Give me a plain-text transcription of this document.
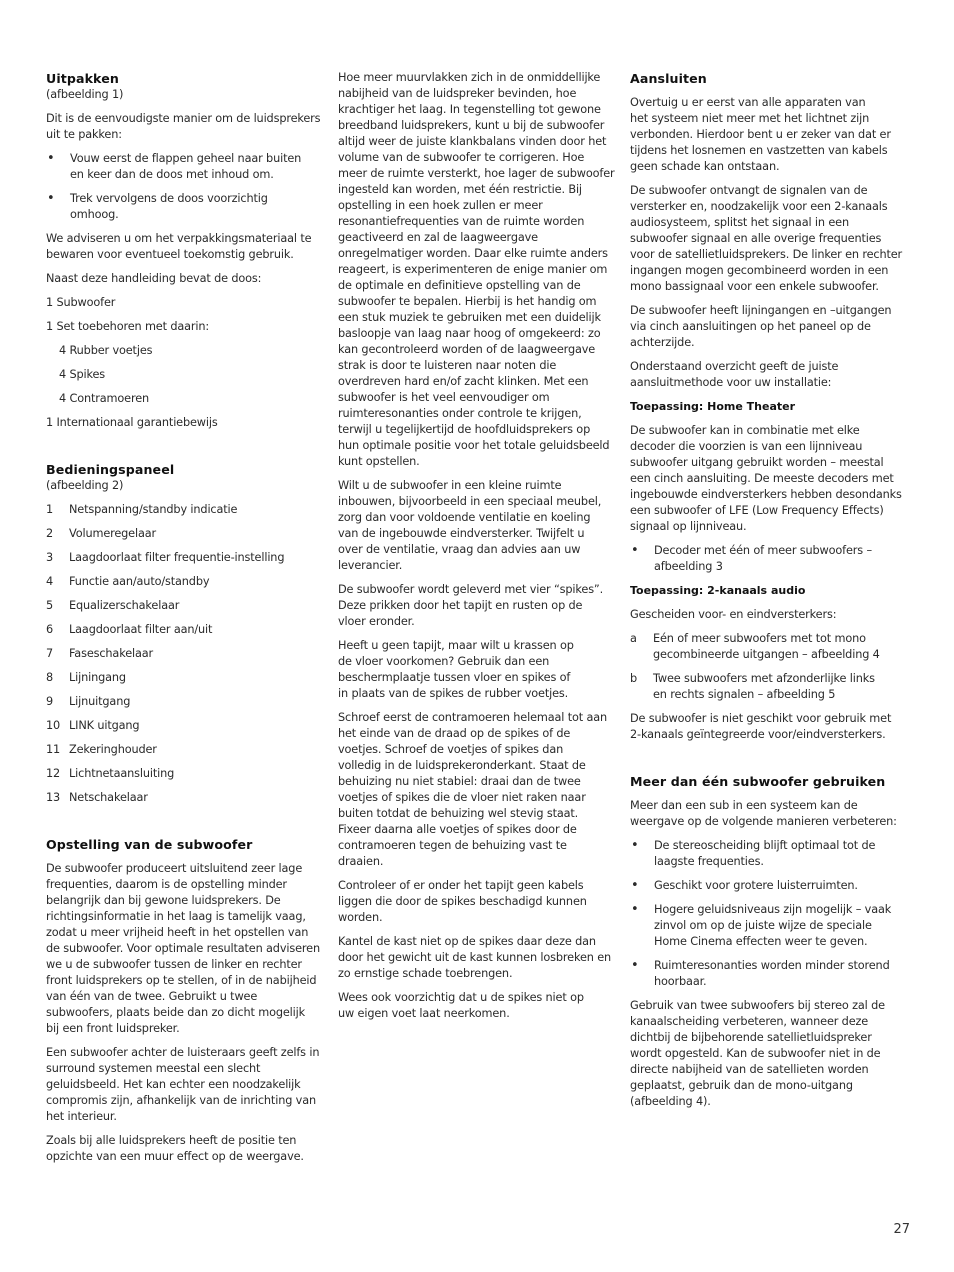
Uitpakken
(afbeelding 1)
Dit is de eenvoudigste manier om de luidsprekers
uit te pakken:
•	Vouw eerst de flappen geheel naar buiten
en keer dan de doos met inhoud om.
•	Trek vervolgens de doos voorzichtig
omhoog.
We adviseren u om het verpakkingsmateriaal te
bewaren voor eventueel toekomstig gebruik.
Naast deze handleiding bevat de doos:
1 Subwoofer
1 Set toebehoren met daarin:
4 Rubber voetjes
4 Spikes
4 Contramoeren
1 Internationaal garantiebewijs
Bedieningspaneel
(afbeelding 2)
1	Netspanning/standby indicatie
2	Volumeregelaar
3	Laagdoorlaat filter frequentie-instelling
4	Functie aan/auto/standby
5	Equalizerschakelaar
6	Laagdoorlaat filter aan/uit
7	Faseschakelaar
8	Lijningang
9	Lijnuitgang
10 LINK uitgang
11 Zekeringhouder
12 Lichtnetaansluiting
13 Netschakelaar
Opstelling van de subwoofer
De subwoofer produceert uitsluitend zeer lage
frequenties, daarom is de opstelling minder
belangrijk dan bij gewone luidsprekers. De
richtingsinformatie in het laag is tamelijk vaag,
zodat u meer vrijheid heeft in het opstellen van
de subwoofer. Voor optimale resultaten adviseren
we u de subwoofer tussen de linker en rechter
front luidsprekers op te stellen, of in de nabijheid
van één van de twee. Gebruikt u twee
subwoofers, plaats beide dan zo dicht mogelijk
bij een front luidspreker.
Een subwoofer achter de luisteraars geeft zelfs in
surround systemen meestal een slecht
geluidsbeeld. Het kan echter een noodzakelijk
compromis zijn, afhankelijk van de inrichting van
het interieur.
Zoals bij alle luidsprekers heeft de positie ten
opzichte van een muur effect op de weergave.
Hoe meer muurvlakken zich in de onmiddellijke
nabijheid van de luidspreker bevinden, hoe
krachtiger het laag. In tegenstelling tot gewone
breedband luidsprekers, kunt u bij de subwoofer
altijd weer de juiste klankbalans vinden door het
volume van de subwoofer te corrigeren. Hoe
meer de ruimte versterkt, hoe lager de subwoofer
ingesteld kan worden, met één restrictie. Bij
opstelling in een hoek zullen er meer
resonantiefrequenties van de ruimte worden
geactiveerd en zal de laagweergave
onregelmatiger worden. Daar elke ruimte anders
reageert, is experimenteren de enige manier om
de optimale en definitieve opstelling van de
subwoofer te bepalen. Hierbij is het handig om
een stuk muziek te gebruiken met een duidelijk
basloopje van laag naar hoog of omgekeerd: zo
kan gecontroleerd worden of de laagweergave
strak is door te luisteren naar noten die
overdreven hard en/of zacht klinken. Met een
subwoofer is het veel eenvoudiger om
ruimteresonanties onder controle te krijgen,
terwijl u tegelijkertijd de hoofdluidsprekers op
hun optimale positie voor het totale geluidsbeeld
kunt opstellen.
Wilt u de subwoofer in een kleine ruimte
inbouwen, bijvoorbeeld in een speciaal meubel,
zorg dan voor voldoende ventilatie en koeling
van de ingebouwde eindversterker. Twijfelt u
over de ventilatie, vraag dan advies aan uw
leverancier.
De subwoofer wordt geleverd met vier “spikes”.
Deze prikken door het tapijt en rusten op de
vloer eronder.
Heeft u geen tapijt, maar wilt u krassen op
de vloer voorkomen? Gebruik dan een
beschermplaatje tussen vloer en spikes of
in plaats van de spikes de rubber voetjes.
Schroef eerst de contramoeren helemaal tot aan
het einde van de draad op de spikes of de
voetjes. Schroef de voetjes of spikes dan
volledig in de luidsprekeronderkant. Staat de
behuizing nu niet stabiel: draai dan de twee
voetjes of spikes die de vloer niet raken naar
buiten totdat de behuizing wel stevig staat.
Fixeer daarna alle voetjes of spikes door de
contramoeren tegen de behuizing vast te
draaien.
Controleer of er onder het tapijt geen kabels
liggen die door de spikes beschadigd kunnen
worden.
Kantel de kast niet op de spikes daar deze dan
door het gewicht uit de kast kunnen losbreken en
zo ernstige schade toebrengen.
Wees ook voorzichtig dat u de spikes niet op
uw eigen voet laat neerkomen.
Aansluiten
Overtuig u er eerst van alle apparaten van
het systeem niet meer met het lichtnet zijn
verbonden. Hierdoor bent u er zeker van dat er
tijdens het losnemen en vastzetten van kabels
geen schade kan ontstaan.
De subwoofer ontvangt de signalen van de
versterker en, noodzakelijk voor een 2-kanaals
audiosysteem, splitst het signaal in een
subwoofer signaal en alle overige frequenties
voor de satellietluidsprekers. De linker en rechter
ingangen mogen gecombineerd worden in een
mono bassignaal voor een enkele subwoofer.
De subwoofer heeft lijningangen en –uitgangen
via cinch aansluitingen op het paneel op de
achterzijde.
Onderstaand overzicht geeft de juiste
aansluitmethode voor uw installatie:
Toepassing: Home Theater
De subwoofer kan in combinatie met elke
decoder die voorzien is van een lijnniveau
subwoofer uitgang gebruikt worden – meestal
een cinch aansluiting. De meeste decoders met
ingebouwde eindversterkers hebben desondanks
een subwoofer of LFE (Low Frequency Effects)
signaal op lijnniveau.
•	Decoder met één of meer subwoofers –
afbeelding 3
Toepassing: 2-kanaals audio
Gescheiden voor- en eindversterkers:
a	Eén of meer subwoofers met tot mono
gecombineerde uitgangen – afbeelding 4
b	Twee subwoofers met afzonderlijke links
en rechts signalen – afbeelding 5
De subwoofer is niet geschikt voor gebruik met
2-kanaals geïntegreerde voor/eindversterkers.
Meer dan één subwoofer gebruiken
Meer dan een sub in een systeem kan de
weergave op de volgende manieren verbeteren:
•	De stereoscheiding blijft optimaal tot de
laagste frequenties.
•	Geschikt voor grotere luisterruimten.
•	Hogere geluidsniveaus zijn mogelijk – vaak
zinvol om op de juiste wijze de speciale
Home Cinema effecten weer te geven.
•	Ruimteresonanties worden minder storend
hoorbaar.
Gebruik van twee subwoofers bij stereo zal de
kanaalscheiding verbeteren, wanneer deze
dichtbij de bijbehorende satellietluidspreker
wordt opgesteld. Kan de subwoofer niet in de
directe nabijheid van de satellieten worden
geplaatst, gebruik dan de mono-uitgang
(afbeelding 4).
27
